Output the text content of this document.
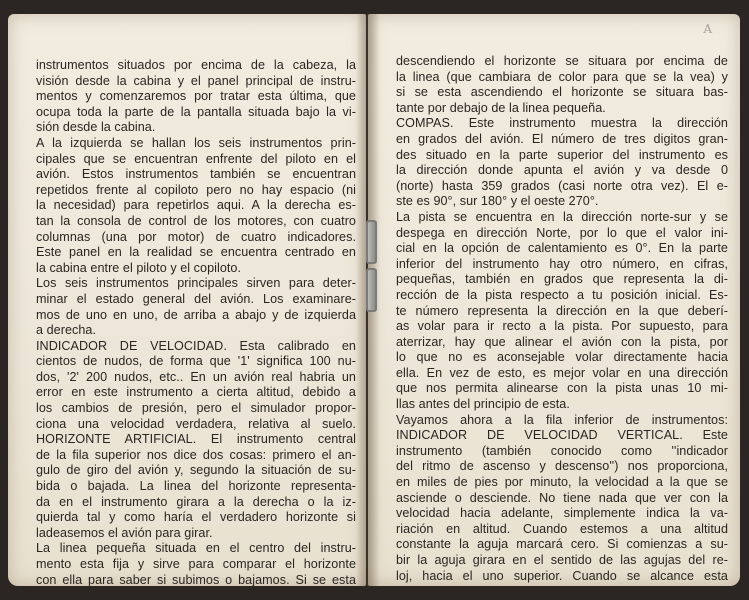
instrumentos situados por encima de la cabeza, la
visión desde la cabina y el panel principal de instru-
mentos y comenzaremos por tratar esta última, que
ocupa toda la parte de la pantalla situada bajo la vi-
sión desde la cabina.
A la izquierda se hallan los seis instrumentos prin-
cipales que se encuentran enfrente del piloto en el
avión. Estos instrumentos también se encuentran
repetidos frente al copiloto pero no hay espacio (ni
la necesidad) para repetirlos aqui. A la derecha es-
tan la consola de control de los motores, con cuatro
columnas (una por motor) de cuatro indicadores.
Este panel en la realidad se encuentra centrado en
la cabina entre el piloto y el copiloto.
Los seis instrumentos principales sirven para deter-
minar el estado general del avión. Los examinare-
mos de uno en uno, de arriba a abajo y de izquierda
a derecha.
INDICADOR DE VELOCIDAD. Esta calibrado en
cientos de nudos, de forma que '1' significa 100 nu-
dos, '2' 200 nudos, etc.. En un avión real habria un
error en este instrumento a cierta altitud, debido a
los cambios de presión, pero el simulador propor-
ciona una velocidad verdadera, relativa al suelo.
HORIZONTE ARTIFICIAL. El instrumento central
de la fila superior nos dice dos cosas: primero el an-
gulo de giro del avión y, segundo la situación de su-
bida o bajada. La linea del horizonte representa-
da en el instrumento girara a la derecha o la iz-
quierda tal y como haría el verdadero horizonte si
ladeasemos el avión para girar.
La linea pequeña situada en el centro del instru-
mento esta fija y sirve para comparar el horizonte
con ella para saber si subimos o bajamos. Si se esta
A
descendiendo el horizonte se situara por encima de
la linea (que cambiara de color para que se la vea) y
si se esta ascendiendo el horizonte se situara bas-
tante por debajo de la linea pequeña.
COMPAS. Este instrumento muestra la dirección
en grados del avión. El número de tres digitos gran-
des situado en la parte superior del instrumento es
la dirección donde apunta el avión y va desde 0
(norte) hasta 359 grados (casi norte otra vez). El e-
ste es 90°, sur 180° y el oeste 270°.
La pista se encuentra en la dirección norte-sur y se
despega en dirección Norte, por lo que el valor ini-
cial en la opción de calentamiento es 0°. En la parte
inferior del instrumento hay otro número, en cifras,
pequeñas, también en grados que representa la di-
rección de la pista respecto a tu posición inicial. Es-
te número representa la dirección en la que deberí-
as volar para ir recto a la pista. Por supuesto, para
aterrizar, hay que alinear el avión con la pista, por
lo que no es aconsejable volar directamente hacia
ella. En vez de esto, es mejor volar en una dirección
que nos permita alinearse con la pista unas 10 mi-
llas antes del principio de esta.
Vayamos ahora a la fila inferior de instrumentos:
INDICADOR DE VELOCIDAD VERTICAL. Este
instrumento (también conocido como ''indicador
del ritmo de ascenso y descenso'') nos proporciona,
en miles de pies por minuto, la velocidad a la que se
asciende o desciende. No tiene nada que ver con la
velocidad hacia adelante, simplemente indica la va-
riación en altitud. Cuando estemos a una altitud
constante la aguja marcará cero. Si comienzas a su-
bir la aguja girara en el sentido de las agujas del re-
loj, hacia el uno superior. Cuando se alcance esta
